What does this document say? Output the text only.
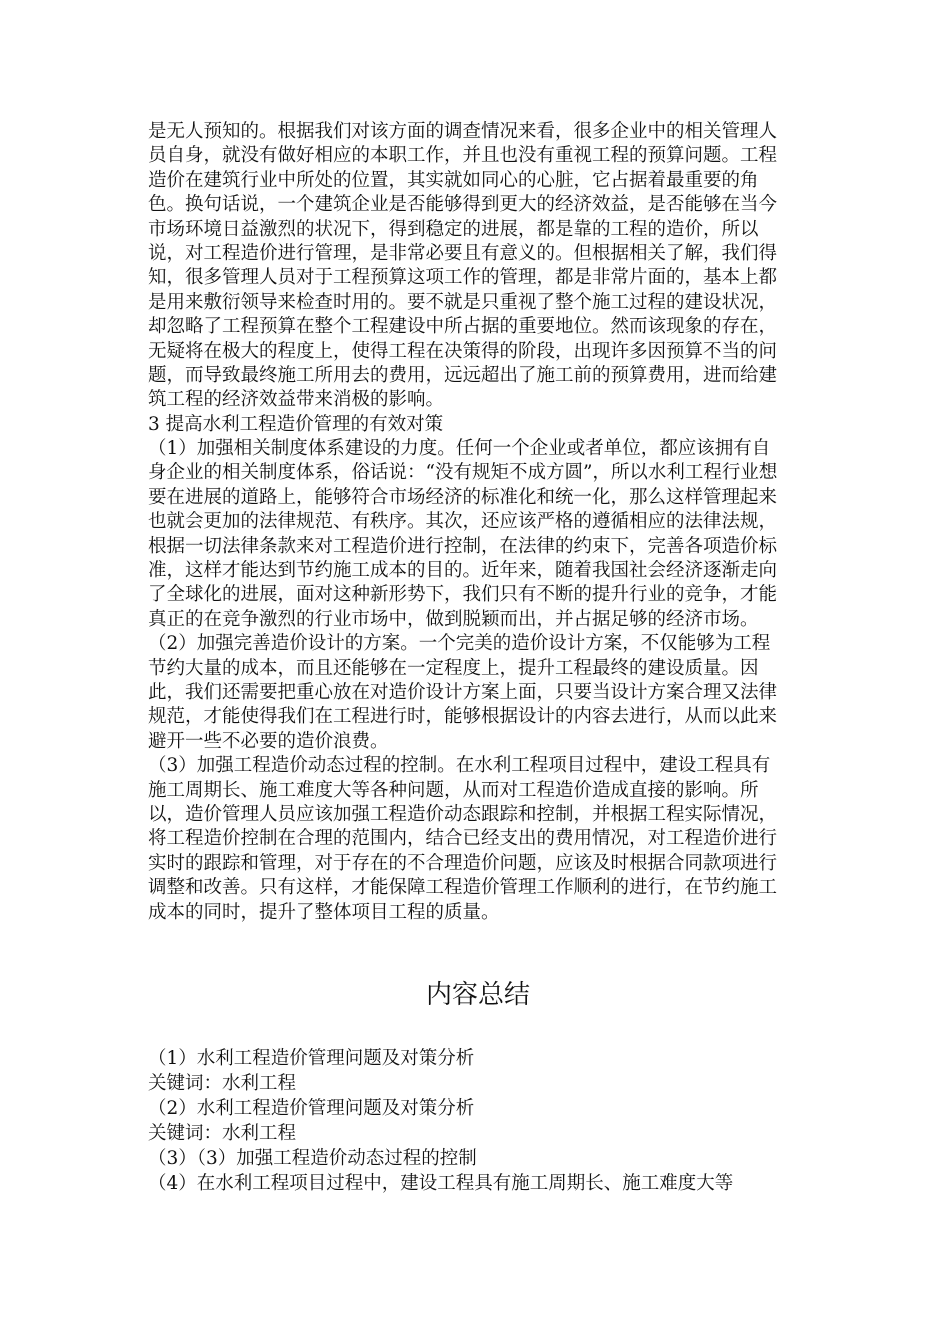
是无人预知的。根据我们对该方面的调查情况来看，很多企业中的相关管理人
员自身，就没有做好相应的本职工作，并且也没有重视工程的预算问题。工程
造价在建筑行业中所处的位置，其实就如同心的心脏，它占据着最重要的角
色。换句话说，一个建筑企业是否能够得到更大的经济效益，是否能够在当今
市场环境日益激烈的状况下，得到稳定的进展，都是靠的工程的造价，所以
说，对工程造价进行管理，是非常必要且有意义的。但根据相关了解，我们得
知，很多管理人员对于工程预算这项工作的管理，都是非常片面的，基本上都
是用来敷衍领导来检查时用的。要不就是只重视了整个施工过程的建设状况，
却忽略了工程预算在整个工程建设中所占据的重要地位。然而该现象的存在，
无疑将在极大的程度上，使得工程在决策得的阶段，出现许多因预算不当的问
题，而导致最终施工所用去的费用，远远超出了施工前的预算费用，进而给建
筑工程的经济效益带来消极的影响。
3 提高水利工程造价管理的有效对策
（1）加强相关制度体系建设的力度。任何一个企业或者单位，都应该拥有自
身企业的相关制度体系，俗话说：“没有规矩不成方圆”，所以水利工程行业想
要在进展的道路上，能够符合市场经济的标准化和统一化，那么这样管理起来
也就会更加的法律规范、有秩序。其次，还应该严格的遵循相应的法律法规，
根据一切法律条款来对工程造价进行控制，在法律的约束下，完善各项造价标
准，这样才能达到节约施工成本的目的。近年来，随着我国社会经济逐渐走向
了全球化的进展，面对这种新形势下，我们只有不断的提升行业的竞争，才能
真正的在竞争激烈的行业市场中，做到脱颖而出，并占据足够的经济市场。
（2）加强完善造价设计的方案。一个完美的造价设计方案，不仅能够为工程
节约大量的成本，而且还能够在一定程度上，提升工程最终的建设质量。因
此，我们还需要把重心放在对造价设计方案上面，只要当设计方案合理又法律
规范，才能使得我们在工程进行时，能够根据设计的内容去进行，从而以此来
避开一些不必要的造价浪费。
（3）加强工程造价动态过程的控制。在水利工程项目过程中，建设工程具有
施工周期长、施工难度大等各种问题，从而对工程造价造成直接的影响。所
以，造价管理人员应该加强工程造价动态跟踪和控制，并根据工程实际情况，
将工程造价控制在合理的范围内，结合已经支出的费用情况，对工程造价进行
实时的跟踪和管理，对于存在的不合理造价问题，应该及时根据合同款项进行
调整和改善。只有这样，才能保障工程造价管理工作顺利的进行，在节约施工
成本的同时，提升了整体项目工程的质量。
内容总结
（1）水利工程造价管理问题及对策分析
关键词：水利工程
（2）水利工程造价管理问题及对策分析
关键词：水利工程
（3）（3）加强工程造价动态过程的控制
（4）在水利工程项目过程中，建设工程具有施工周期长、施工难度大等
